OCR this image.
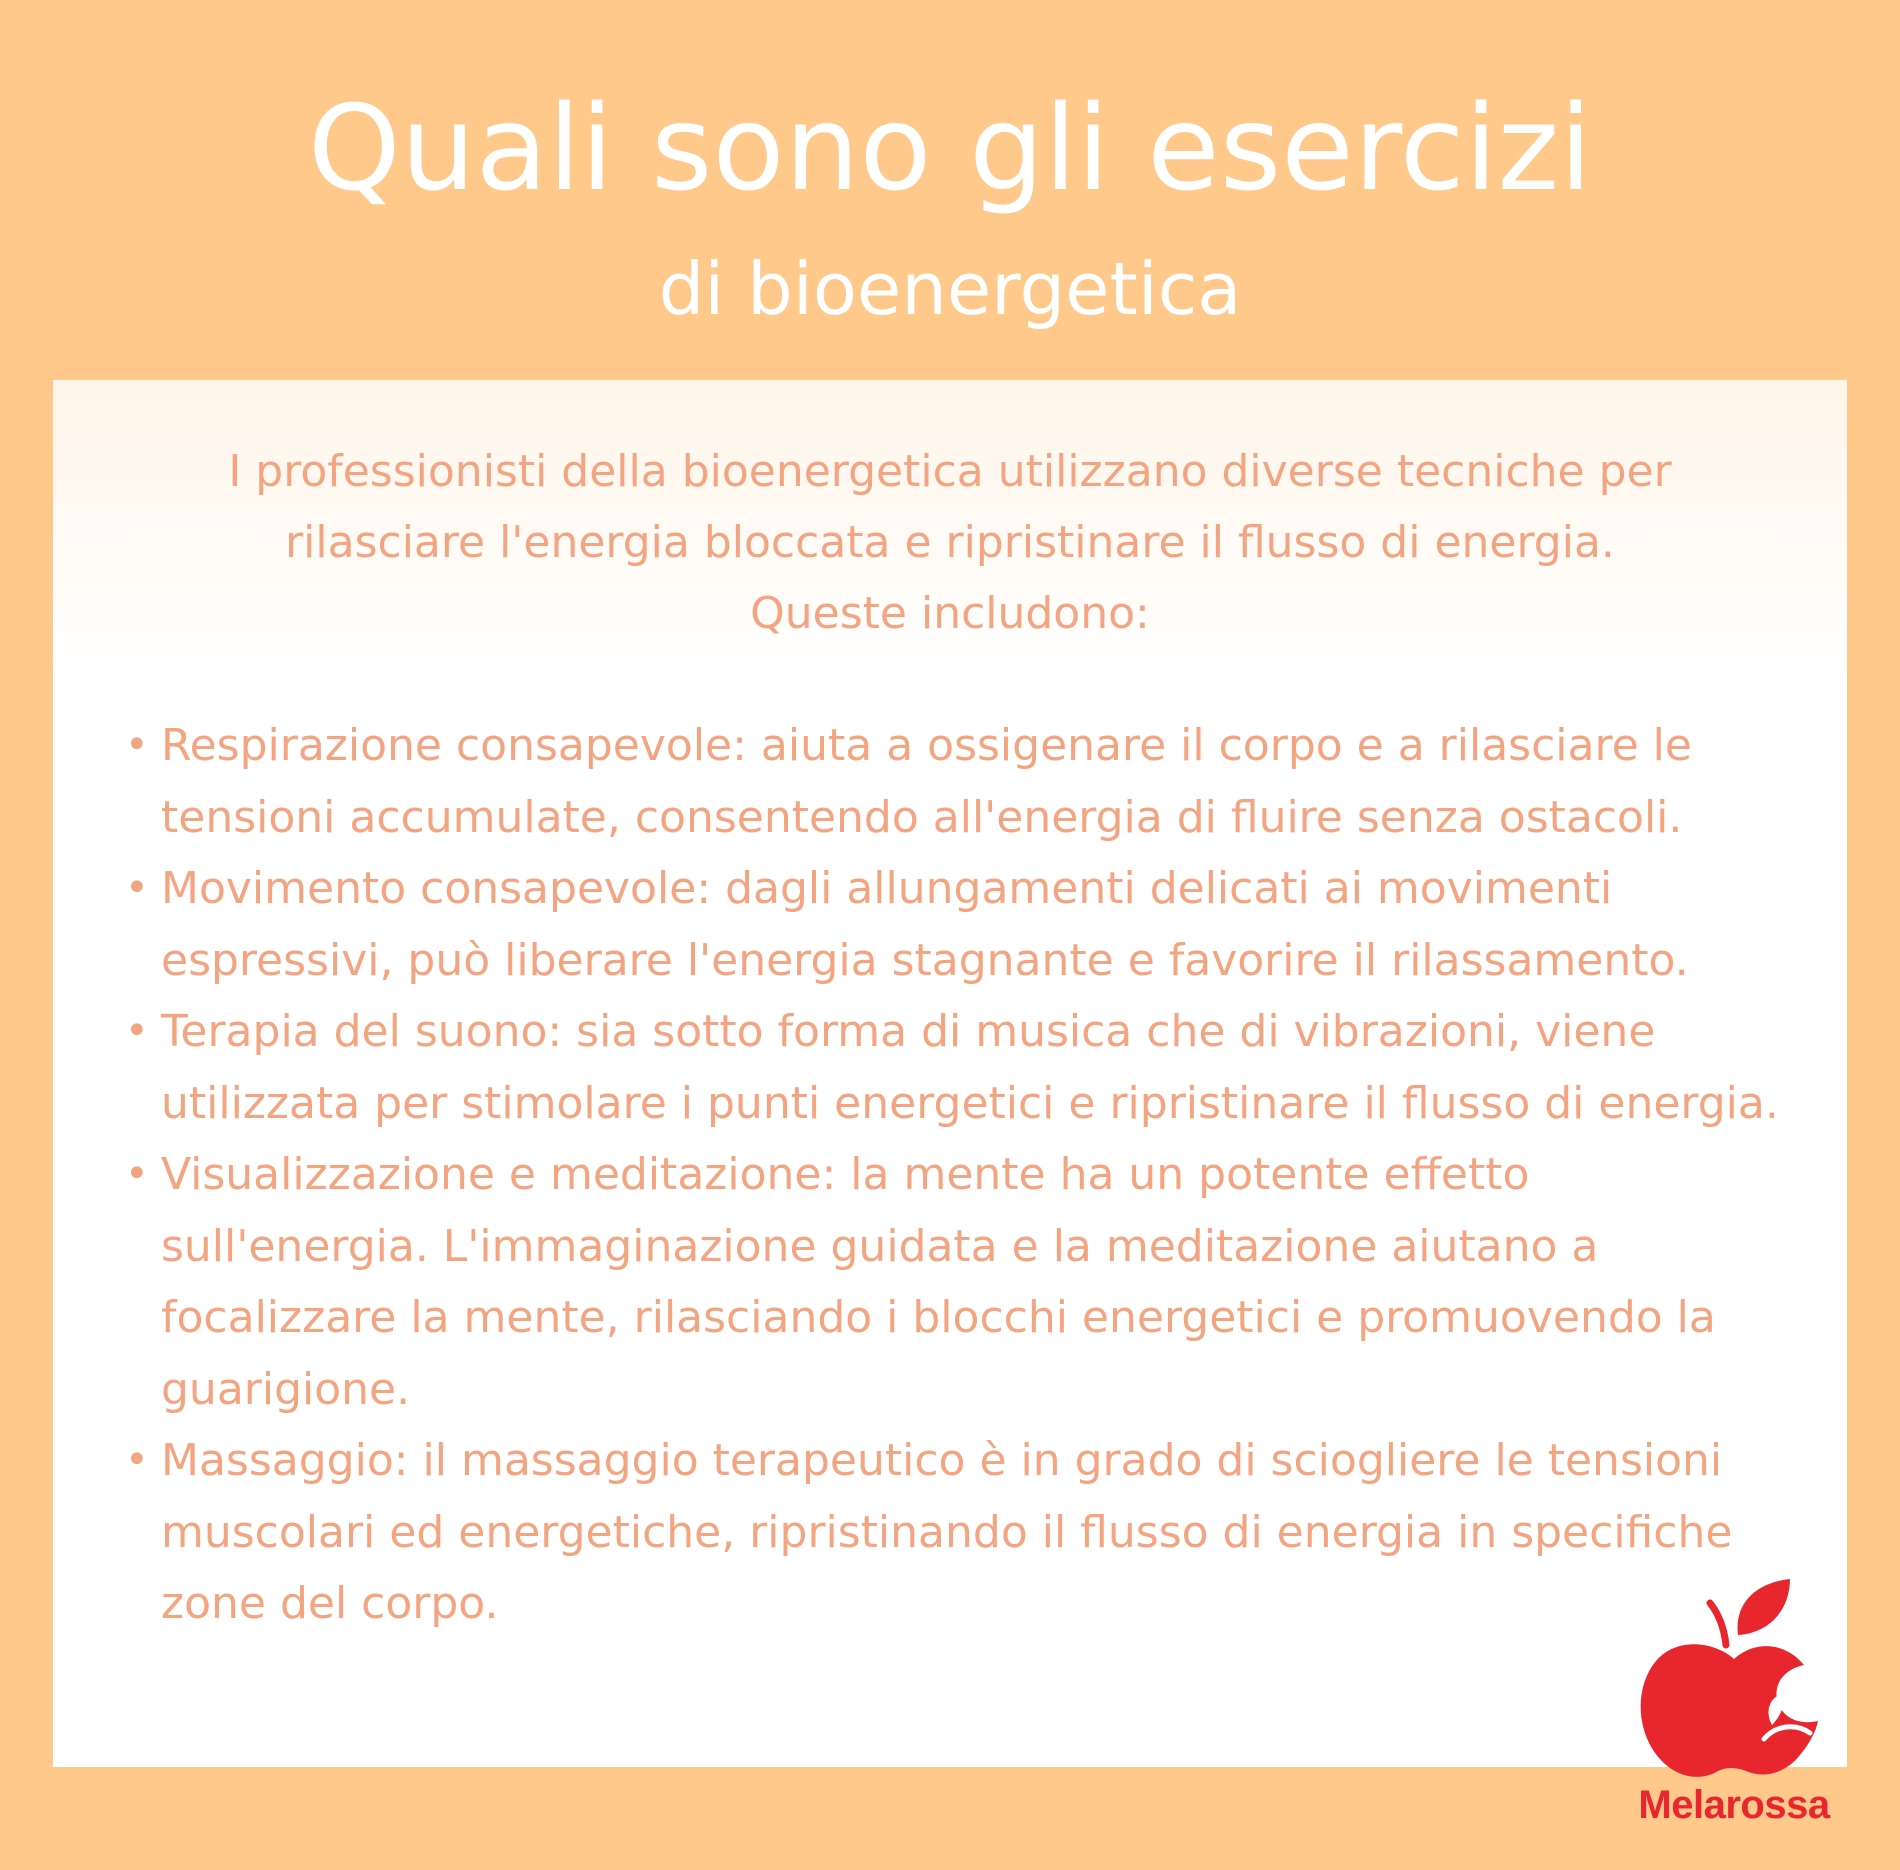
Quali sono gli esercizi
di bioenergetica

I professionisti della bioenergetica utilizzano diverse tecniche per

rilasciare l'energia bloccata e ripristinare il flusso di energia.

Queste includono:

• Respirazione consapevole: aiuta a ossigenare il corpo e a rilasciare le tensioni accumulate, consentendo all'energia di fluire senza ostacoli.
• Movimento consapevole: dagli allungamenti delicati ai movimenti espressivi, può liberare l'energia stagnante e favorire il rilassamento.
• Terapia del suono: sia sotto forma di musica che di vibrazioni, viene utilizzata per stimolare i punti energetici e ripristinare il flusso di energia.
• Visualizzazione e meditazione: la mente ha un potente effetto sull'energia. L'immaginazione guidata e la meditazione aiutano a focalizzare la mente, rilasciando i blocchi energetici e promuovendo la guarigione.
• Massaggio: il massaggio terapeutico è in grado di sciogliere le tensioni muscolari ed energetiche, ripristinando il flusso di energia in specifiche zone del corpo.
Melarossa
